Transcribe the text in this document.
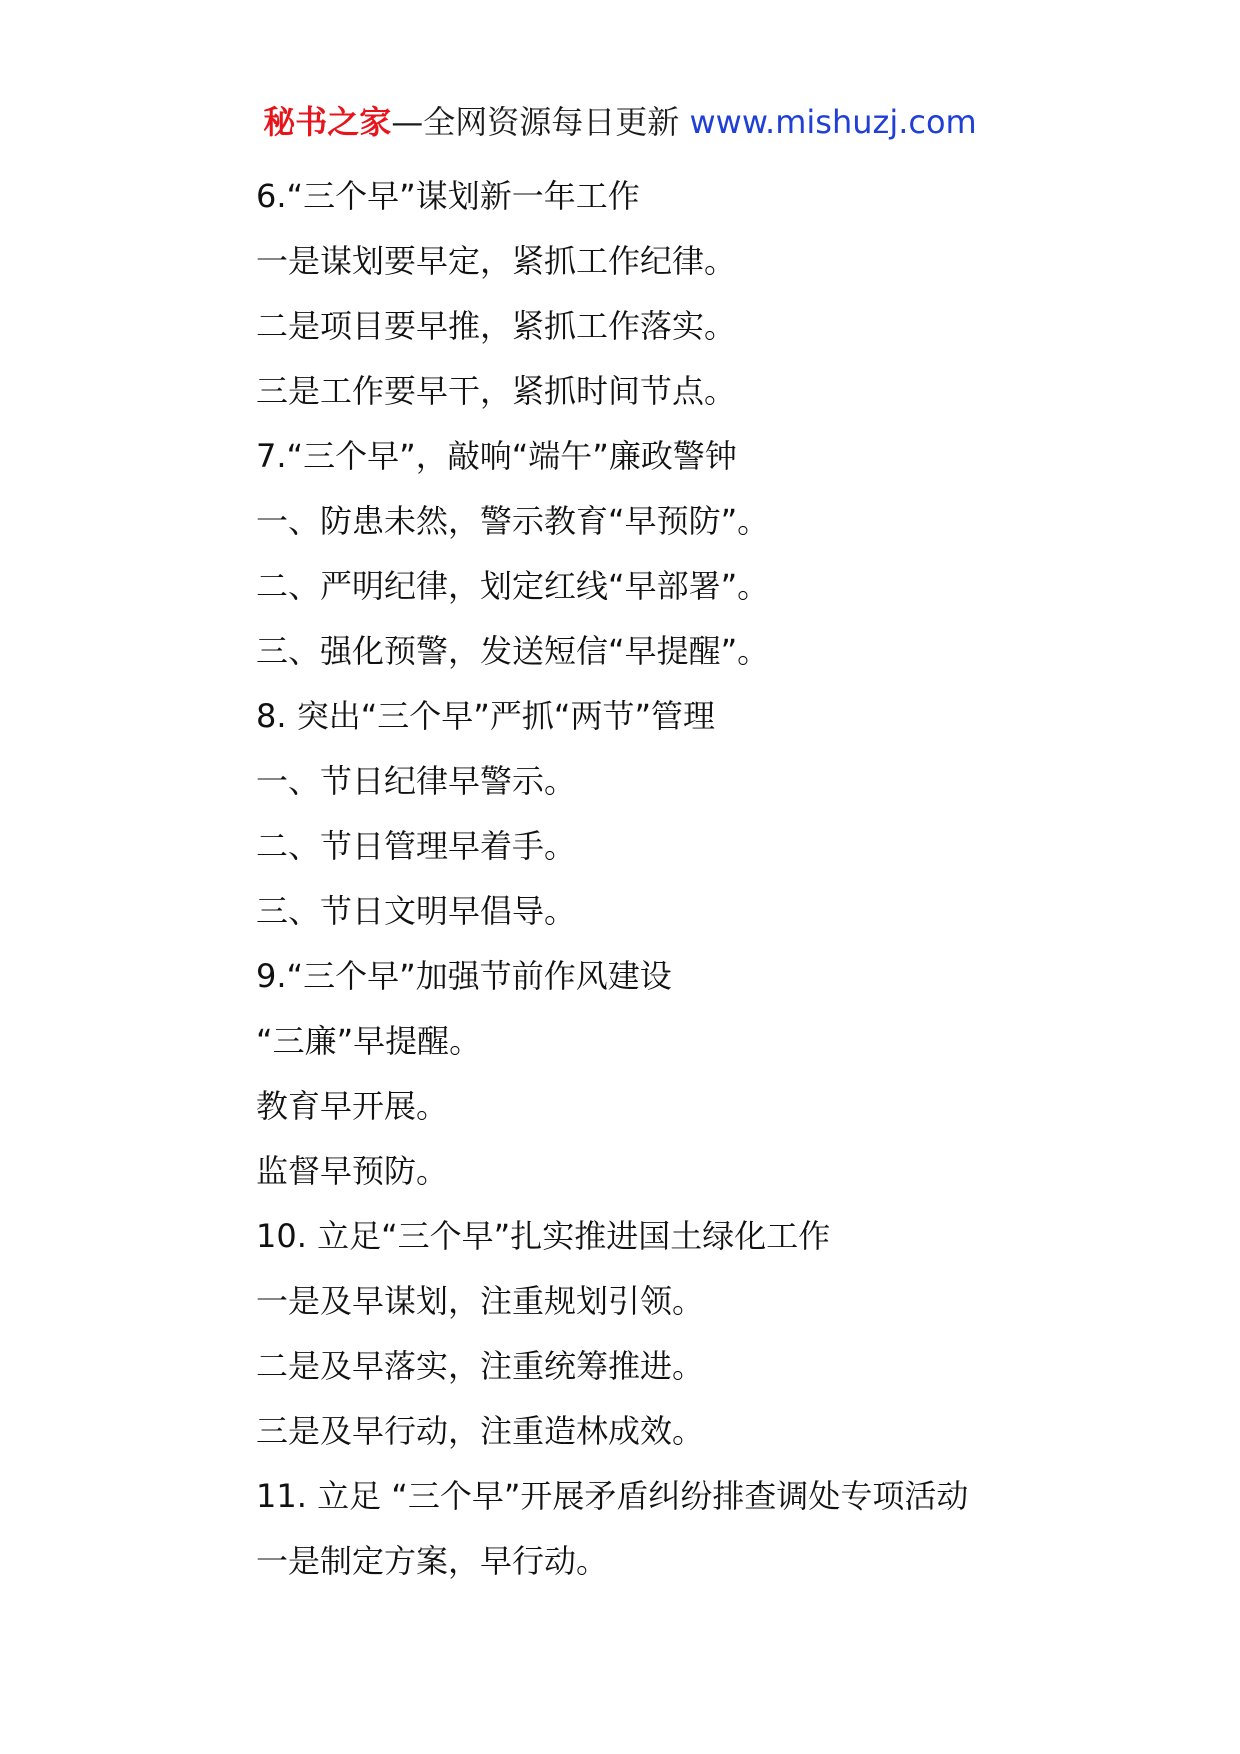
秘书之家—全网资源每日更新 www.mishuzj.com
6.“三个早”谋划新一年工作
一是谋划要早定，紧抓工作纪律。
二是项目要早推，紧抓工作落实。
三是工作要早干，紧抓时间节点。
7.“三个早”，敲响“端午”廉政警钟
一、防患未然，警示教育“早预防”。
二、严明纪律，划定红线“早部署”。
三、强化预警，发送短信“早提醒”。
8. 突出“三个早”严抓“两节”管理
一、节日纪律早警示。
二、节日管理早着手。
三、节日文明早倡导。
9.“三个早”加强节前作风建设
“三廉”早提醒。
教育早开展。
监督早预防。
10. 立足“三个早”扎实推进国土绿化工作
一是及早谋划，注重规划引领。
二是及早落实，注重统筹推进。
三是及早行动，注重造林成效。
11. 立足 “三个早”开展矛盾纠纷排查调处专项活动
一是制定方案，早行动。
